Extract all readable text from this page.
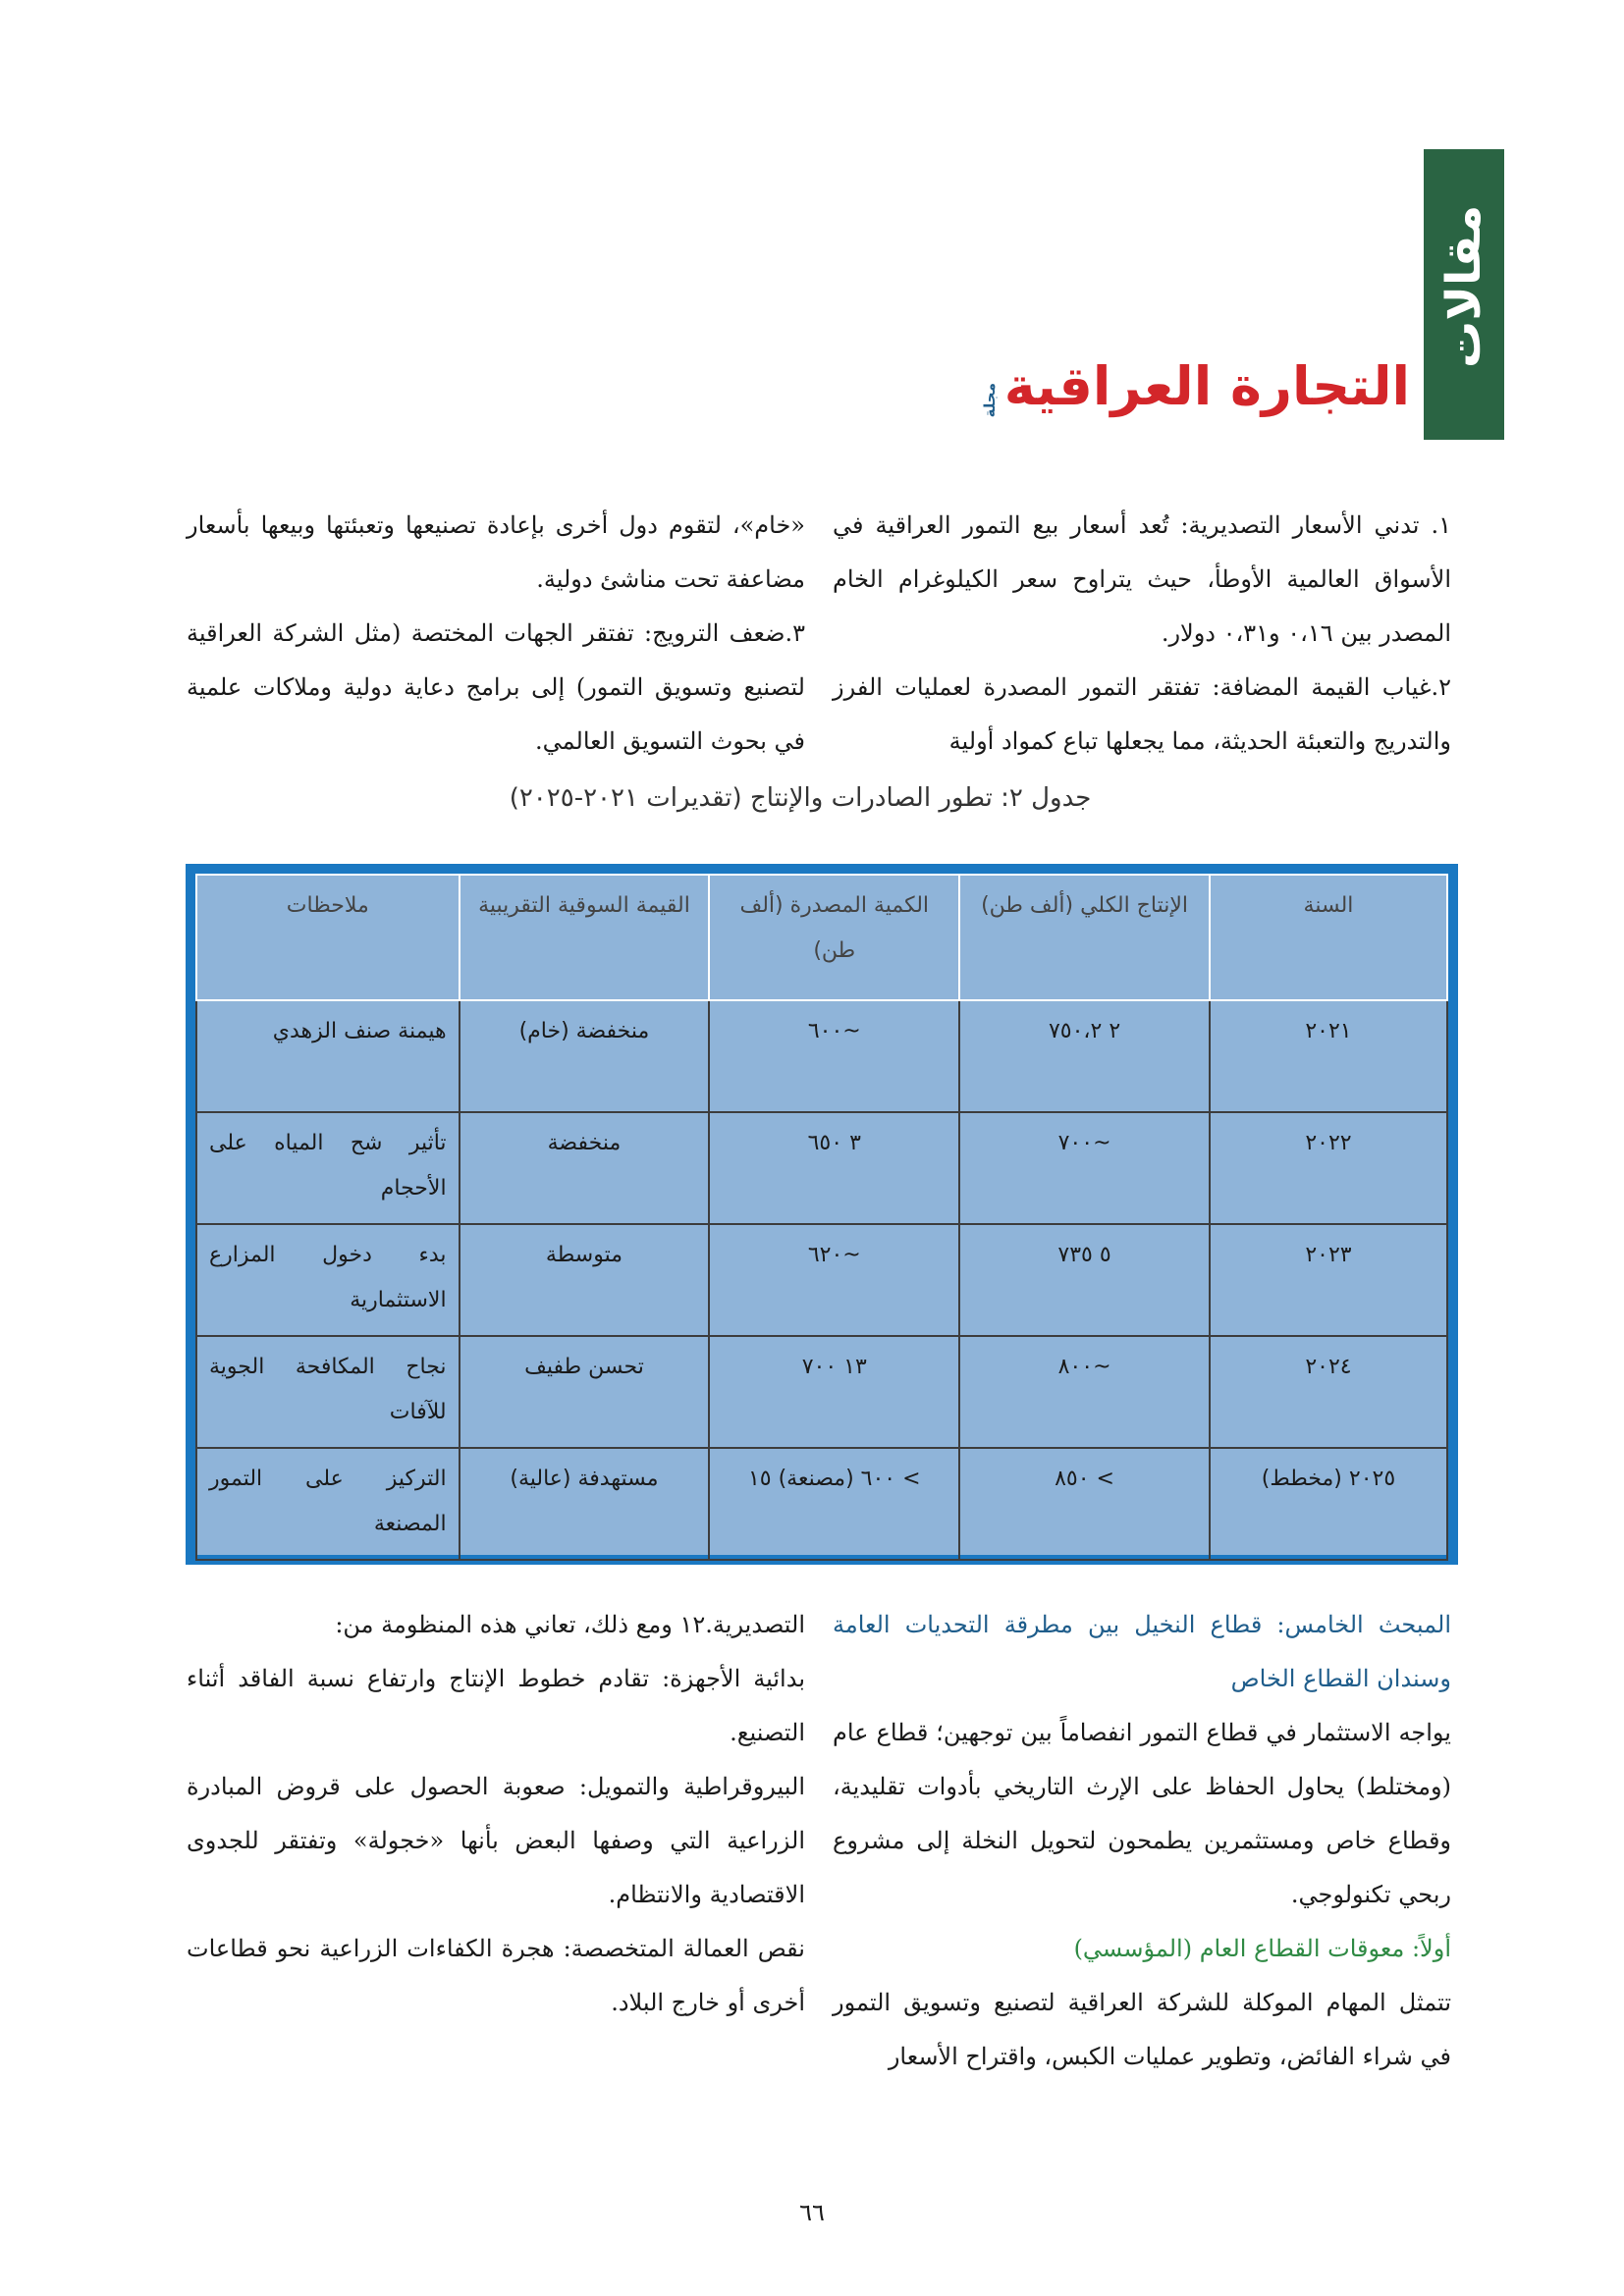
مقالات
التجارة العراقية
مجلة

١. تدني الأسعار التصديرية: تُعد أسعار بيع التمور العراقية في الأسواق العالمية الأوطأ، حيث يتراوح سعر الكيلوغرام الخام المصدر بين ٠،١٦ و٠،٣١ دولار.

٢.غياب القيمة المضافة: تفتقر التمور المصدرة لعمليات الفرز والتدريج والتعبئة الحديثة، مما يجعلها تباع كمواد أولية

«خام»، لتقوم دول أخرى بإعادة تصنيعها وتعبئتها وبيعها بأسعار مضاعفة تحت مناشئ دولية.

٣.ضعف الترويج: تفتقر الجهات المختصة (مثل الشركة العراقية لتصنيع وتسويق التمور) إلى برامج دعاية دولية وملاكات علمية في بحوث التسويق العالمي.

جدول ٢: تطور الصادرات والإنتاج (تقديرات ٢٠٢١-٢٠٢٥)
السنة	الإنتاج الكلي (ألف طن)	الكمية المصدرة (ألف طن)	القيمة السوقية التقريبية	ملاحظات
٢٠٢١	٢ ٧٥٠،٢	~٦٠٠	منخفضة (خام)	هيمنة صنف الزهدي
٢٠٢٢	~٧٠٠	٣ ٦٥٠	منخفضة	تأثير شح المياه على الأحجام
٢٠٢٣	٥ ٧٣٥	~٦٢٠	متوسطة	بدء دخول المزارع الاستثمارية
٢٠٢٤	~٨٠٠	١٣ ٧٠٠	تحسن طفيف	نجاح المكافحة الجوية للآفات
٢٠٢٥ (مخطط)	> ٨٥٠	> ٦٠٠ (مصنعة) ١٥	مستهدفة (عالية)	التركيز على التمور المصنعة

المبحث الخامس: قطاع النخيل بين مطرقة التحديات العامة وسندان القطاع الخاص

يواجه الاستثمار في قطاع التمور انفصاماً بين توجهين؛ قطاع عام (ومختلط) يحاول الحفاظ على الإرث التاريخي بأدوات تقليدية، وقطاع خاص ومستثمرين يطمحون لتحويل النخلة إلى مشروع ربحي تكنولوجي.

أولاً: معوقات القطاع العام (المؤسسي)

تتمثل المهام الموكلة للشركة العراقية لتصنيع وتسويق التمور في شراء الفائض، وتطوير عمليات الكبس، واقتراح الأسعار

التصديرية.١٢ ومع ذلك، تعاني هذه المنظومة من:

بدائية الأجهزة: تقادم خطوط الإنتاج وارتفاع نسبة الفاقد أثناء التصنيع.

البيروقراطية والتمويل: صعوبة الحصول على قروض المبادرة الزراعية التي وصفها البعض بأنها «خجولة» وتفتقر للجدوى الاقتصادية والانتظام.

نقص العمالة المتخصصة: هجرة الكفاءات الزراعية نحو قطاعات أخرى أو خارج البلاد.

٦٦
